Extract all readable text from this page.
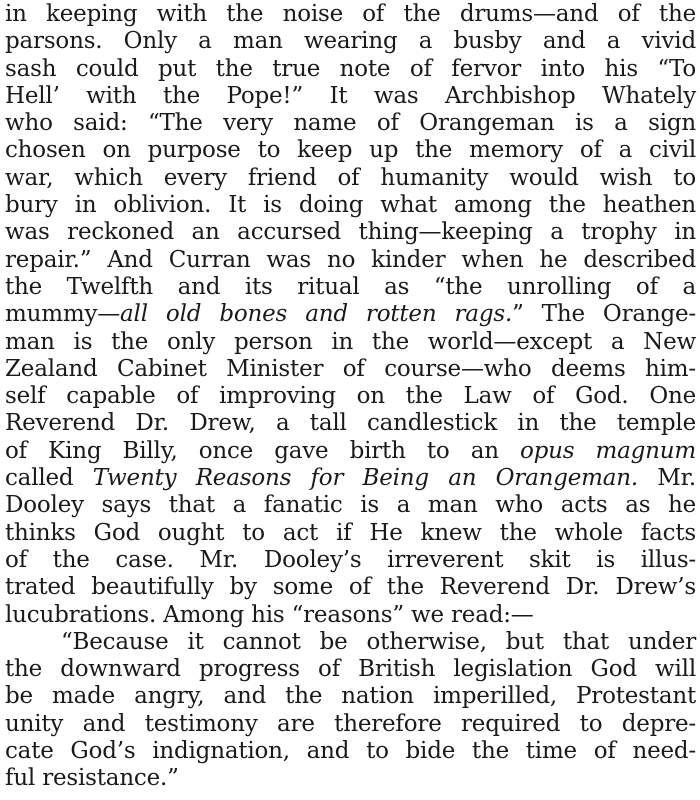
in keeping with the noise of the drums—and of the
parsons. Only a man wearing a busby and a vivid
sash could put the true note of fervor into his “To
Hell’ with the Pope!” It was Archbishop Whately
who said: “The very name of Orangeman is a sign
chosen on purpose to keep up the memory of a civil
war, which every friend of humanity would wish to
bury in oblivion. It is doing what among the heathen
was reckoned an accursed thing—keeping a trophy in
repair.” And Curran was no kinder when he described
the Twelfth and its ritual as “the unrolling of a
mummy—all old bones and rotten rags.” The Orange-
man is the only person in the world—except a New
Zealand Cabinet Minister of course—who deems him-
self capable of improving on the Law of God. One
Reverend Dr. Drew, a tall candlestick in the temple
of King Billy, once gave birth to an opus magnum
called Twenty Reasons for Being an Orangeman. Mr.
Dooley says that a fanatic is a man who acts as he
thinks God ought to act if He knew the whole facts
of the case. Mr. Dooley’s irreverent skit is illus-
trated beautifully by some of the Reverend Dr. Drew’s
lucubrations. Among his “reasons” we read:—
“Because it cannot be otherwise, but that under
the downward progress of British legislation God will
be made angry, and the nation imperilled, Protestant
unity and testimony are therefore required to depre-
cate God’s indignation, and to bide the time of need-
ful resistance.”
